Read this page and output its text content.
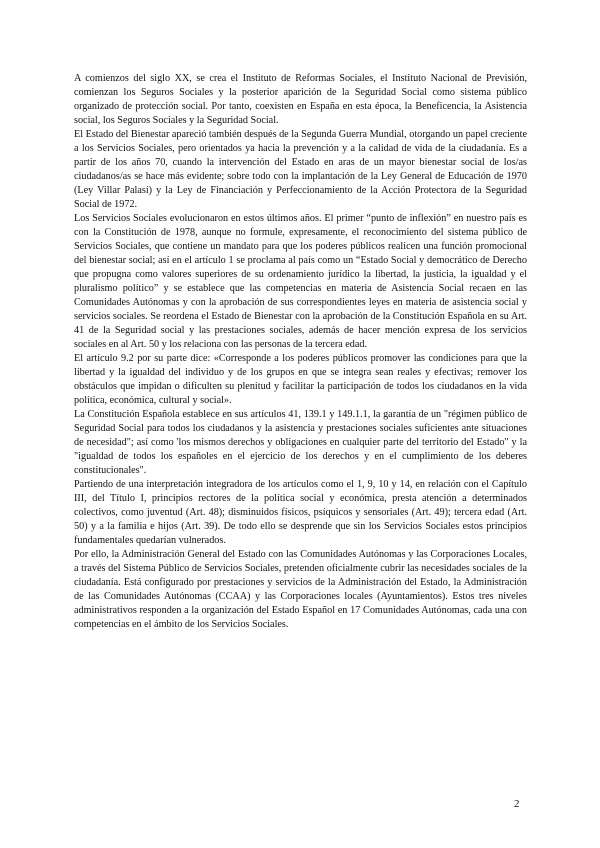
A comienzos del siglo XX, se crea el Instituto de Reformas Sociales, el Instituto Nacional de Previsión, comienzan los Seguros Sociales y la posterior aparición de la Seguridad Social como sistema público organizado de protección social. Por tanto, coexisten en España en esta época, la Beneficencia, la Asistencia social, los Seguros Sociales y la Seguridad Social.

El Estado del Bienestar apareció también después de la Segunda Guerra Mundial, otorgando un papel creciente a los Servicios Sociales, pero orientados ya hacia la prevención y a la calidad de vida de la ciudadanía. Es a partir de los años 70, cuando la intervención del Estado en aras de un mayor bienestar social de los/as ciudadanos/as se hace más evidente; sobre todo con la implantación de la Ley General de Educación de 1970 (Ley Villar Palasí) y la Ley de Financiación y Perfeccionamiento de la Acción Protectora de la Seguridad Social de 1972.

Los Servicios Sociales evolucionaron en estos últimos años. El primer “punto de inflexión” en nuestro país es con la Constitución de 1978, aunque no formule, expresamente, el reconocimiento del sistema público de Servicios Sociales, que contiene un mandato para que los poderes públicos realicen una función promocional del bienestar social; así en el artículo 1 se proclama al país como un “Estado Social y democrático de Derecho que propugna como valores superiores de su ordenamiento jurídico la libertad, la justicia, la igualdad y el pluralismo político” y se establece que las competencias en materia de Asistencia Social recaen en las Comunidades Autónomas y con la aprobación de sus correspondientes leyes en materia de asistencia social y servicios sociales. Se reordena el Estado de Bienestar con la aprobación de la Constitución Española en su Art. 41 de la Seguridad social y las prestaciones sociales, además de hacer mención expresa de los servicios sociales en al Art. 50 y los relaciona con las personas de la tercera edad.

El artículo 9.2 por su parte dice: «Corresponde a los poderes públicos promover las condiciones para que la libertad y la igualdad del individuo y de los grupos en que se integra sean reales y efectivas; remover los obstáculos que impidan o dificulten su plenitud y facilitar la participación de todos los ciudadanos en la vida política, económica, cultural y social».

La Constitución Española establece en sus artículos 41, 139.1 y 149.1.1, la garantía de un "régimen público de Seguridad Social para todos los ciudadanos y la asistencia y prestaciones sociales suficientes ante situaciones de necesidad"; así como 'los mismos derechos y obligaciones en cualquier parte del territorio del Estado" y la "igualdad de todos los españoles en el ejercicio de los derechos y en el cumplimiento de los deberes constitucionales".

Partiendo de una interpretación integradora de los artículos como el 1, 9, 10 y 14, en relación con el Capítulo III, del Título I, principios rectores de la política social y económica, presta atención a determinados colectivos, como juventud (Art. 48); disminuidos físicos, psíquicos y sensoriales (Art. 49); tercera edad (Art. 50) y a la familia e hijos (Art. 39). De todo ello se desprende que sin los Servicios Sociales estos principios fundamentales quedarían vulnerados.

Por ello, la Administración General del Estado con las Comunidades Autónomas y las Corporaciones Locales, a través del Sistema Público de Servicios Sociales, pretenden oficialmente cubrir las necesidades sociales de la ciudadanía. Está configurado por prestaciones y servicios de la Administración del Estado, la Administración de las Comunidades Autónomas (CCAA) y las Corporaciones locales (Ayuntamientos). Estos tres niveles administrativos responden a la organización del Estado Español en 17 Comunidades Autónomas, cada una con competencias en el ámbito de los Servicios Sociales.

2
